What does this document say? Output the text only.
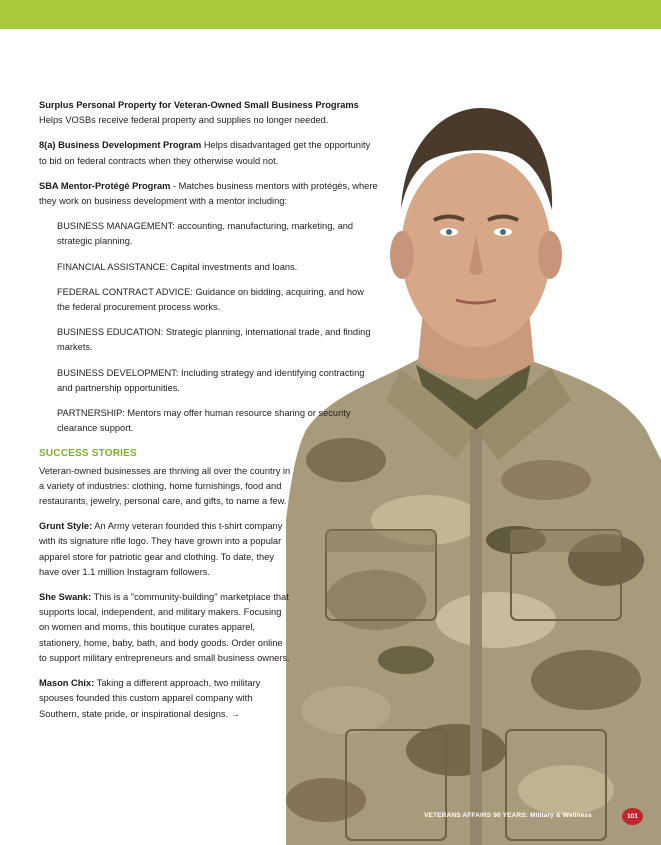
Surplus Personal Property for Veteran-Owned Small Business Programs
Helps VOSBs receive federal property and supplies no longer needed.

8(a) Business Development Program Helps disadvantaged get the opportunity to bid on federal contracts when they otherwise would not.

SBA Mentor-Protégé Program - Matches business mentors with protégés, where they work on business development with a mentor including:

BUSINESS MANAGEMENT: accounting, manufacturing, marketing, and strategic planning.

FINANCIAL ASSISTANCE: Capital investments and loans.

FEDERAL CONTRACT ADVICE: Guidance on bidding, acquiring, and how the federal procurement process works.

BUSINESS EDUCATION: Strategic planning, international trade, and finding markets.

BUSINESS DEVELOPMENT: Including strategy and identifying contracting and partnership opportunities.

PARTNERSHIP: Mentors may offer human resource sharing or security clearance support.

SUCCESS STORIES

Veteran-owned businesses are thriving all over the country in a variety of industries: clothing, home furnishings, food and restaurants, jewelry, personal care, and gifts, to name a few.

Grunt Style: An Army veteran founded this t-shirt company with its signature rifle logo. They have grown into a popular apparel store for patriotic gear and clothing. To date, they have over 1.1 million Instagram followers.

She Swank: This is a "community-building" marketplace that supports local, independent, and military makers. Focusing on women and moms, this boutique curates apparel, stationery, home, baby, bath, and body goods. Order online to support military entrepreneurs and small business owners.

Mason Chix: Taking a different approach, two military spouses founded this custom apparel company with Southern, state pride, or inspirational designs. →

VETERANS AFFAIRS 90 YEARS: Military & Wellness	101
